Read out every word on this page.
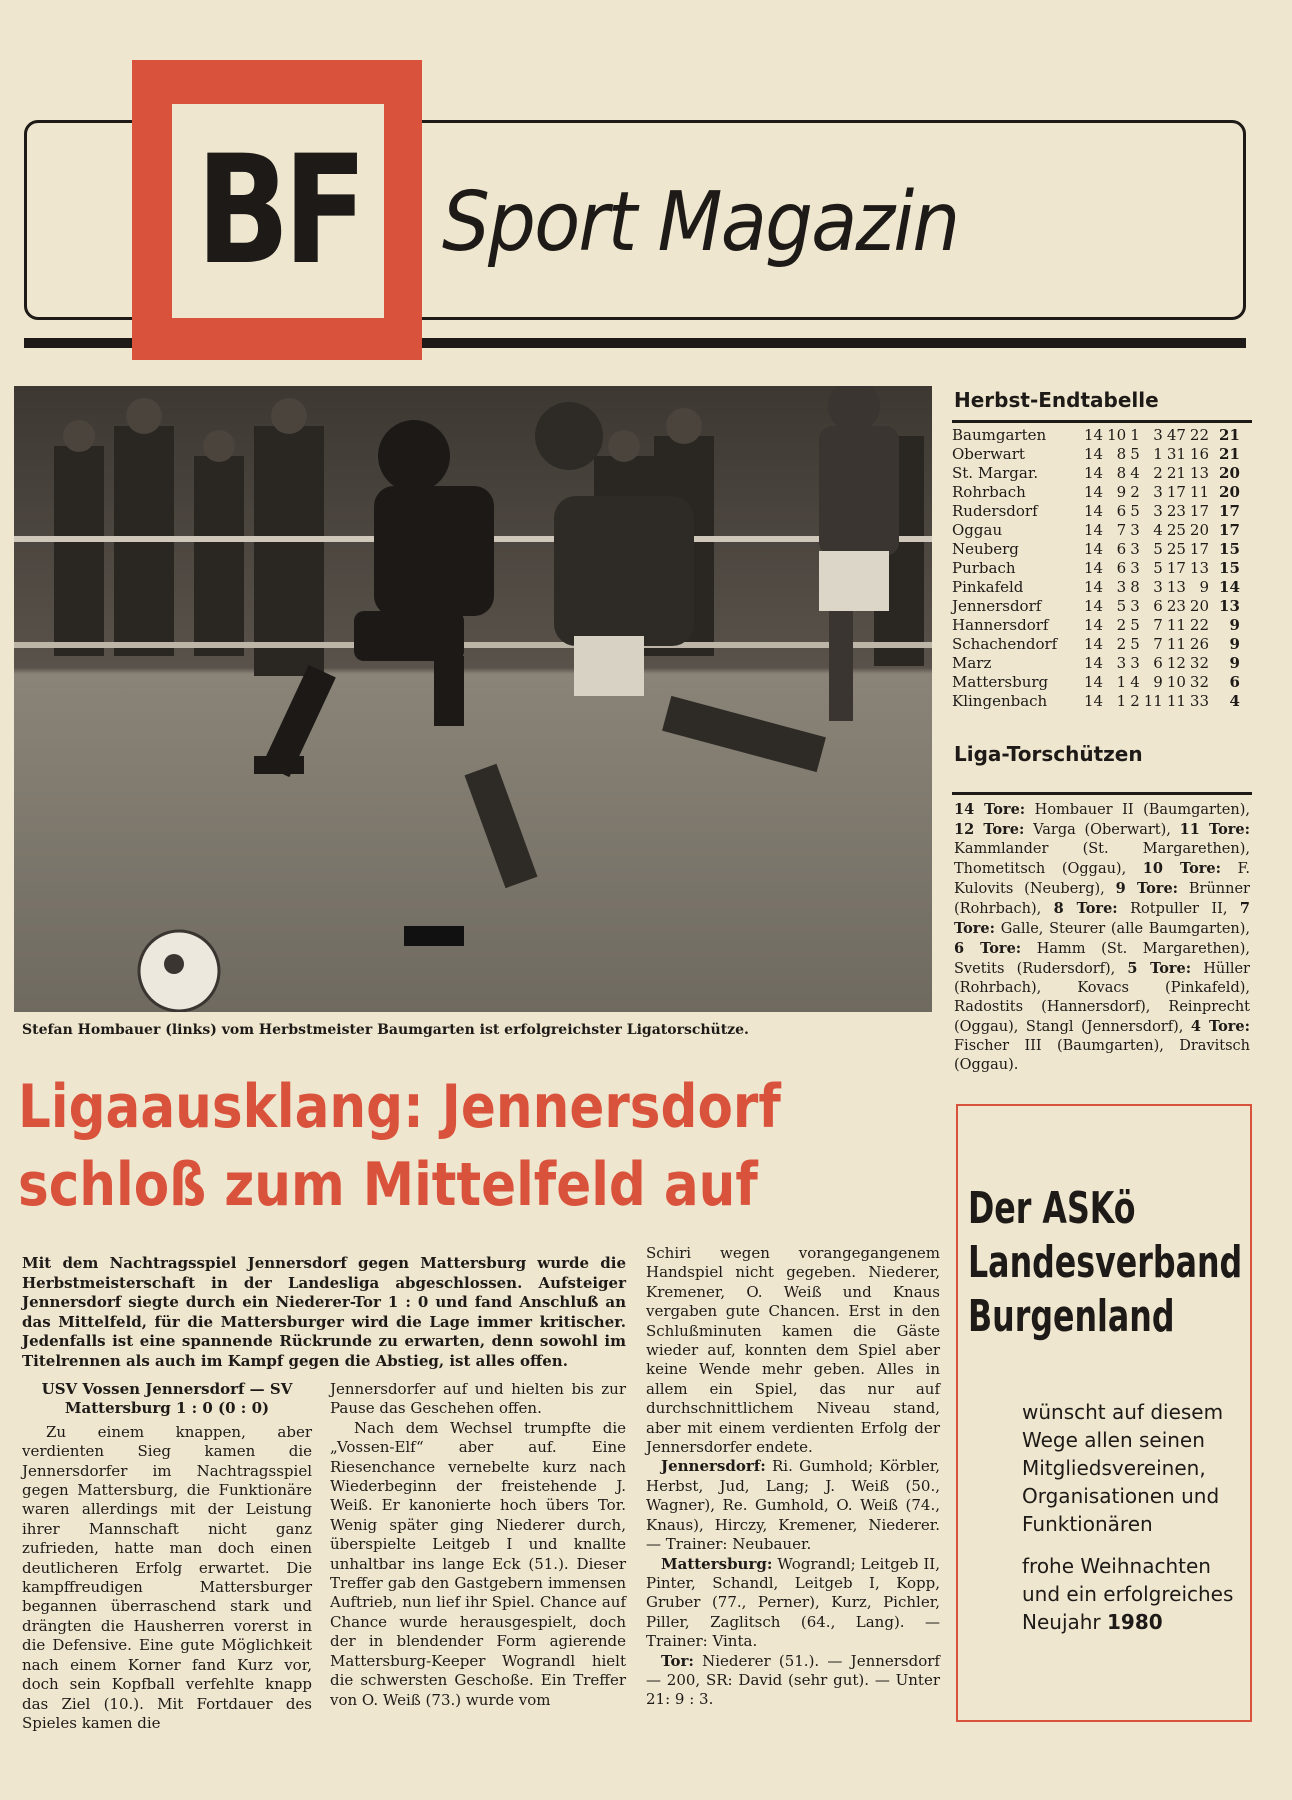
BF Sport Magazin
Stefan Hombauer (links) vom Herbstmeister Baumgarten ist erfolgreichster Ligatorschütze.
Herbst-Endtabelle
Baumgarten	14	10	1	3	47	22	21
Oberwart	14	8	5	1	31	16	21
St. Margar.	14	8	4	2	21	13	20
Rohrbach	14	9	2	3	17	11	20
Rudersdorf	14	6	5	3	23	17	17
Oggau	14	7	3	4	25	20	17
Neuberg	14	6	3	5	25	17	15
Purbach	14	6	3	5	17	13	15
Pinkafeld	14	3	8	3	13	9	14
Jennersdorf	14	5	3	6	23	20	13
Hannersdorf	14	2	5	7	11	22	9
Schachendorf	14	2	5	7	11	26	9
Marz	14	3	3	6	12	32	9
Mattersburg	14	1	4	9	10	32	6
Klingenbach	14	1	2	11	11	33	4
Liga-Torschützen
14 Tore: Hombauer II (Baumgarten), 12 Tore: Varga (Oberwart), 11 Tore: Kammlander (St. Margarethen), Thometitsch (Oggau), 10 Tore: F. Kulovits (Neuberg), 9 Tore: Brünner (Rohrbach), 8 Tore: Rotpuller II, 7 Tore: Galle, Steurer (alle Baumgarten), 6 Tore: Hamm (St. Margarethen), Svetits (Rudersdorf), 5 Tore: Hüller (Rohrbach), Kovacs (Pinkafeld), Radostits (Hannersdorf), Reinprecht (Oggau), Stangl (Jennersdorf), 4 Tore: Fischer III (Baumgarten), Dravitsch (Oggau).
Ligaausklang: Jennersdorf
schloß zum Mittelfeld auf
Mit dem Nachtragsspiel Jennersdorf gegen Mattersburg wurde die Herbstmeisterschaft in der Landesliga abgeschlossen. Aufsteiger Jennersdorf siegte durch ein Niederer-Tor 1 : 0 und fand Anschluß an das Mittelfeld, für die Mattersburger wird die Lage immer kritischer. Jedenfalls ist eine spannende Rückrunde zu erwarten, denn sowohl im Titelrennen als auch im Kampf gegen die Abstieg, ist alles offen.
USV Vossen Jennersdorf — SV Mattersburg 1 : 0 (0 : 0)

Zu einem knappen, aber verdienten Sieg kamen die Jennersdorfer im Nachtragsspiel gegen Mattersburg, die Funktionäre waren allerdings mit der Leistung ihrer Mannschaft nicht ganz zufrieden, hatte man doch einen deutlicheren Erfolg erwartet. Die kampffreudigen Mattersburger begannen überraschend stark und drängten die Hausherren vorerst in die Defensive. Eine gute Möglichkeit nach einem Korner fand Kurz vor, doch sein Kopfball verfehlte knapp das Ziel (10.). Mit Fortdauer des Spieles kamen die

Jennersdorfer auf und hielten bis zur Pause das Geschehen offen.

Nach dem Wechsel trumpfte die „Vossen-Elf“ aber auf. Eine Riesenchance vernebelte kurz nach Wiederbeginn der freistehende J. Weiß. Er kanonierte hoch übers Tor. Wenig später ging Niederer durch, überspielte Leitgeb I und knallte unhaltbar ins lange Eck (51.). Dieser Treffer gab den Gastgebern immensen Auftrieb, nun lief ihr Spiel. Chance auf Chance wurde herausgespielt, doch der in blendender Form agierende Mattersburg-Keeper Wograndl hielt die schwersten Geschoße. Ein Treffer von O. Weiß (73.) wurde vom

Schiri wegen vorangegangenem Handspiel nicht gegeben. Niederer, Kremener, O. Weiß und Knaus vergaben gute Chancen. Erst in den Schlußminuten kamen die Gäste wieder auf, konnten dem Spiel aber keine Wende mehr geben. Alles in allem ein Spiel, das nur auf durchschnittlichem Niveau stand, aber mit einem verdienten Erfolg der Jennersdorfer endete.

Jennersdorf: Ri. Gumhold; Körbler, Herbst, Jud, Lang; J. Weiß (50., Wagner), Re. Gumhold, O. Weiß (74., Knaus), Hirczy, Kremener, Niederer. — Trainer: Neubauer.

Mattersburg: Wograndl; Leitgeb II, Pinter, Schandl, Leitgeb I, Kopp, Gruber (77., Perner), Kurz, Pichler, Piller, Zaglitsch (64., Lang). — Trainer: Vinta.

Tor: Niederer (51.). — Jennersdorf — 200, SR: David (sehr gut). — Unter 21: 9 : 3.

Der ASKö
Landesverband
Burgenland

wünscht auf diesem Wege allen seinen Mitgliedsvereinen, Organisationen und Funktionären

frohe Weihnachten und ein erfolgreiches Neujahr 1980
